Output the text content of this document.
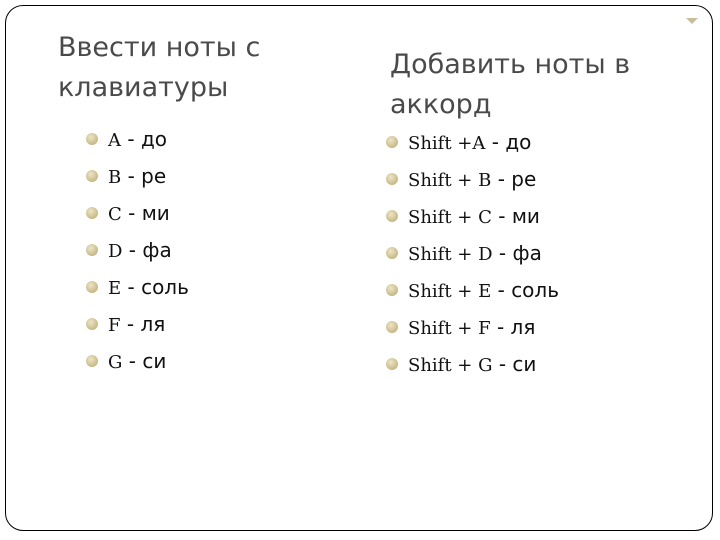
Ввести ноты с клавиатуры
Добавить ноты в аккорд
A - до
B - ре
C - ми
D - фа
E - соль
F - ля
G - си
Shift +A - до
Shift + B - ре
Shift + C - ми
Shift + D - фа
Shift + E - соль
Shift + F - ля
Shift + G - си
